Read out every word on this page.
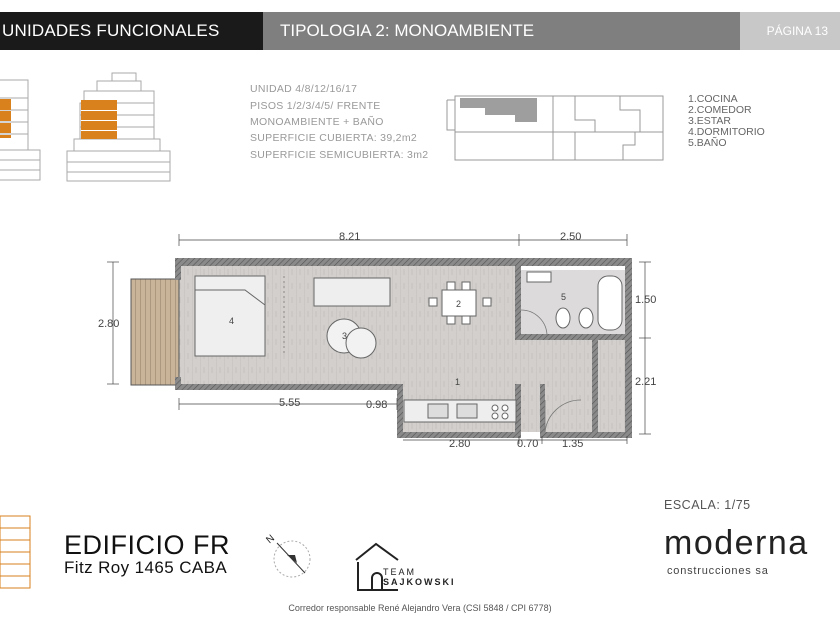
UNIDADES FUNCIONALES	TIPOLOGIA 2: MONOAMBIENTE	PÁGINA 13
UNIDAD 4/8/12/16/17
PISOS 1/2/3/4/5/ FRENTE
MONOAMBIENTE + BAÑO
SUPERFICIE CUBIERTA: 39,2m2
SUPERFICIE SEMICUBIERTA: 3m2
1.COCINA
2.COMEDOR
3.ESTAR
4.DORMITORIO
5.BAÑO
8.21	2.50
2.80
1.50
2.21
5.55	0.98
2.80	0.70 1.35
1
2
3
4
5
EDIFICIO FR
Fitz Roy 1465 CABA
N
TEAM
SAJKOWSKI
ESCALA: 1/75
moderna
construcciones sa
Corredor responsable René Alejandro Vera (CSI 5848 / CPI 6778)
